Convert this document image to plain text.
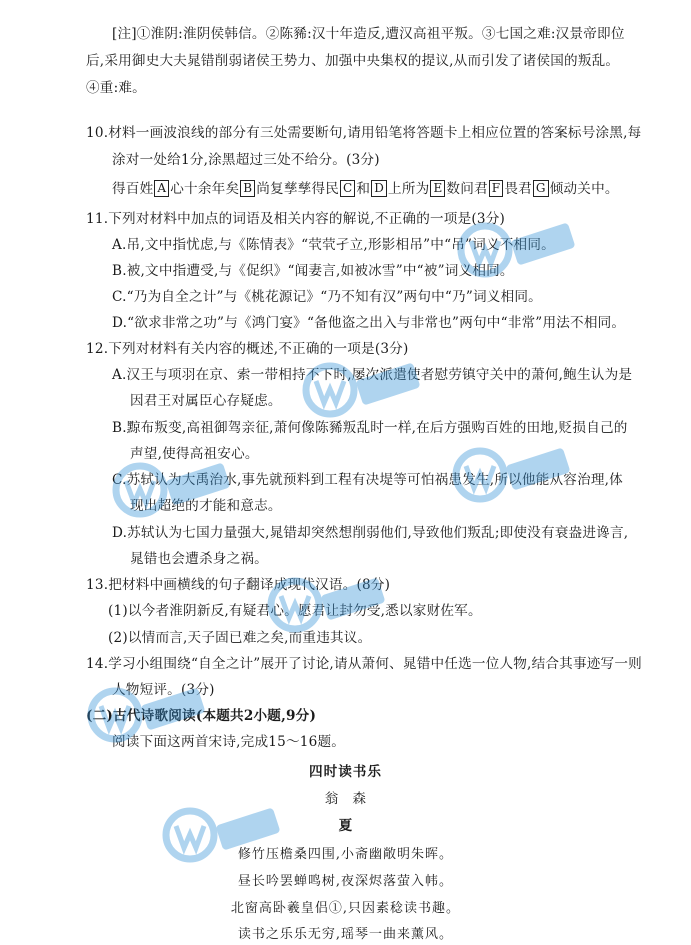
[注]①淮阴:淮阴侯韩信。②陈豨:汉十年造反,遭汉高祖平叛。③七国之难:汉景帝即位
后,采用御史大夫晁错削弱诸侯王势力、加强中央集权的提议,从而引发了诸侯国的叛乱。
④重:难。
10.材料一画波浪线的部分有三处需要断句,请用铅笔将答题卡上相应位置的答案标号涂黑,每
涂对一处给1分,涂黑超过三处不给分。(3分)
得百姓 A 心十余年矣 B 尚复孳孳得民 C 和 D 上所为 E 数问君 F 畏君 G 倾动关中。
11.下列对材料中加点的词语及相关内容的解说,不正确的一项是(3分)
A.吊,文中指忧虑,与《陈情表》“茕茕孑立,形影相吊”中“吊”词义不相同。
B.被,文中指遭受,与《促织》“闻妻言,如被冰雪”中“被”词义相同。
C.“乃为自全之计”与《桃花源记》“乃不知有汉”两句中“乃”词义相同。
D.“欲求非常之功”与《鸿门宴》“备他盗之出入与非常也”两句中“非常”用法不相同。
12.下列对材料有关内容的概述,不正确的一项是(3分)
A.汉王与项羽在京、索一带相持不下时,屡次派遣使者慰劳镇守关中的萧何,鲍生认为是
因君王对属臣心存疑虑。
B.黥布叛变,高祖御驾亲征,萧何像陈豨叛乱时一样,在后方强购百姓的田地,贬损自己的
声望,使得高祖安心。
C.苏轼认为大禹治水,事先就预料到工程有决堤等可怕祸患发生,所以他能从容治理,体
现出超绝的才能和意志。
D.苏轼认为七国力量强大,晁错却突然想削弱他们,导致他们叛乱;即使没有衰盎进谗言,
晁错也会遭杀身之祸。
13.把材料中画横线的句子翻译成现代汉语。(8分)
(1)以今者淮阴新反,有疑君心。愿君让封勿受,悉以家财佐军。
(2)以情而言,天子固已难之矣,而重违其议。
14.学习小组围绕“自全之计”展开了讨论,请从萧何、晁错中任选一位人物,结合其事迹写一则
人物短评。(3分)
(二)古代诗歌阅读(本题共2小题,9分)
阅读下面这两首宋诗,完成15～16题。
四时读书乐
翁　森
夏
修竹压檐桑四围,小斋幽敞明朱晖。
昼长吟罢蝉鸣树,夜深烬落萤入帏。
北窗高卧羲皇侣①,只因素稔读书趣。
读书之乐乐无穷,瑶琴一曲来薰风。
